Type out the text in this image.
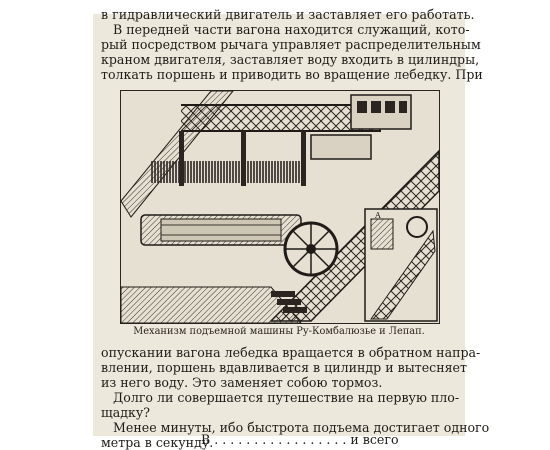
в гидравлический двигатель и заставляет его работать.
В передней части вагона находится служащий, кото-
рый посредством рычага управляет распределительным
краном двигателя, заставляет воду входить в цилиндры,
толкать поршень и приводить во вращение лебедку. При
A
Механизм подъемной машины Ру-Комбалюзье и Лепап.
опускании вагона лебедка вращается в обратном напра-
влении, поршень вдавливается в цилиндр и вытесняет
из него воду. Это заменяет собою тормоз.
Долго ли совершается путешествие на первую пло-
щадку?
Менее минуты, ибо быстрота подъема достигает одного
метра в секунду.
В . . . . . . . . . . . . . . . . . и всего
